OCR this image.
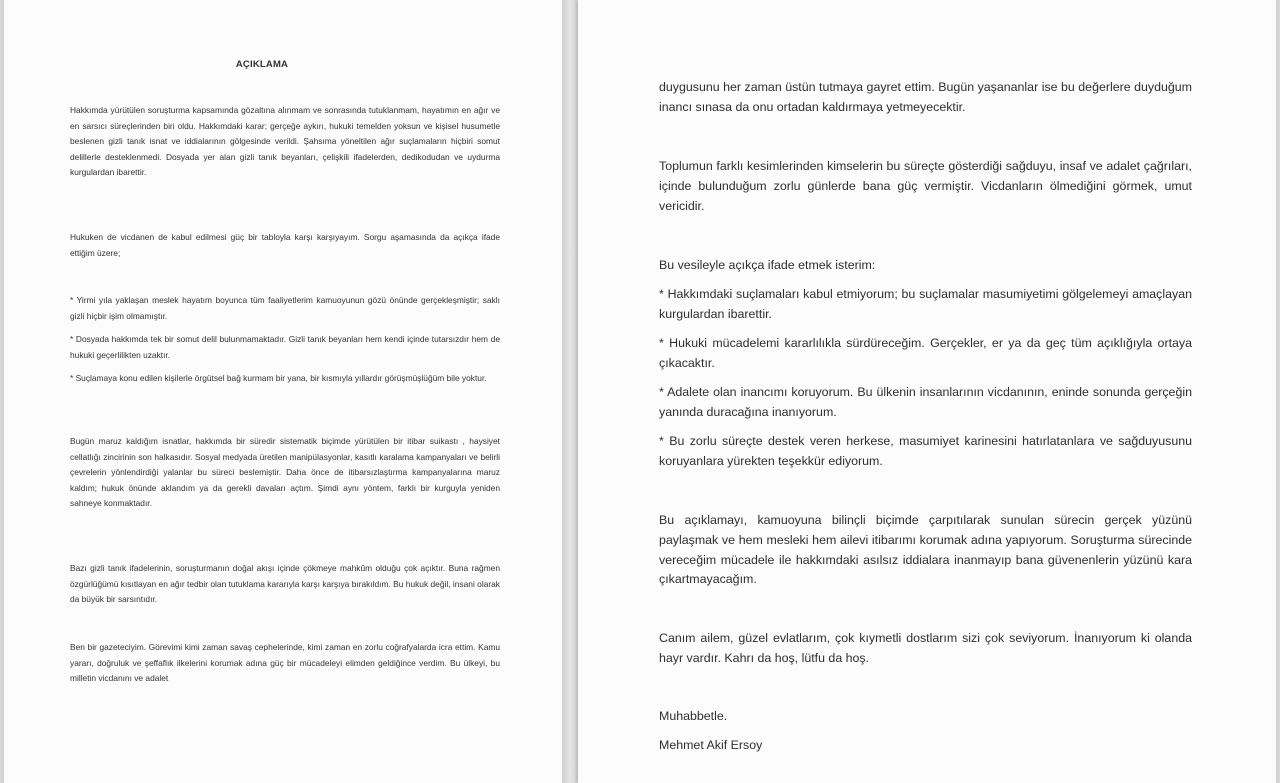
AÇIKLAMA

Hakkımda yürütülen soruşturma kapsamında gözaltına alınmam ve sonrasında tutuklanmam, hayatımın en ağır ve en sarsıcı süreçlerinden biri oldu. Hakkımdaki karar; gerçeğe aykırı, hukuki temelden yoksun ve kişisel husumetle beslenen gizli tanık isnat ve iddialarının gölgesinde verildi. Şahsıma yöneltilen ağır suçlamaların hiçbiri somut delillerle desteklenmedi. Dosyada yer alan gizli tanık beyanları, çelişkili ifadelerden, dedikodudan ve uydurma kurgulardan ibarettir.

Hukuken de vicdanen de kabul edilmesi güç bir tabloyla karşı karşıyayım. Sorgu aşamasında da açıkça ifade ettiğim üzere;

* Yirmi yıla yaklaşan meslek hayatım boyunca tüm faaliyetlerim kamuoyunun gözü önünde gerçekleşmiştir; saklı gizli hiçbir işim olmamıştır.

* Dosyada hakkımda tek bir somut delil bulunmamaktadır. Gizli tanık beyanları hem kendi içinde tutarsızdır hem de hukuki geçerlilikten uzaktır.

* Suçlamaya konu edilen kişilerle örgütsel bağ kurmam bir yana, bir kısmıyla yıllardır görüşmüşlüğüm bile yoktur.

Bugün maruz kaldığım isnatlar, hakkımda bir süredir sistematik biçimde yürütülen bir itibar suikastı , haysiyet cellatlığı zincirinin son halkasıdır. Sosyal medyada üretilen manipülasyonlar, kasıtlı karalama kampanyaları ve belirli çevrelerin yönlendirdiği yalanlar bu süreci beslemiştir. Daha önce de itibarsızlaştırma kampanyalarına maruz kaldım; hukuk önünde aklandım ya da gerekli davaları açtım. Şimdi aynı yöntem, farklı bir kurguyla yeniden sahneye konmaktadır.

Bazı gizli tanık ifadelerinin, soruşturmanın doğal akışı içinde çökmeye mahkûm olduğu çok açıktır. Buna rağmen özgürlüğümü kısıtlayan en ağır tedbir olan tutuklama kararıyla karşı karşıya bırakıldım. Bu hukuk değil, insani olarak da büyük bir sarsıntıdır.

Ben bir gazeteciyim. Görevimi kimi zaman savaş cephelerinde, kimi zaman en zorlu coğrafyalarda icra ettim. Kamu yararı, doğruluk ve şeffaflık ilkelerini korumak adına güç bir mücadeleyi elimden geldiğince verdim. Bu ülkeyi, bu milletin vicdanını ve adalet

duygusunu her zaman üstün tutmaya gayret ettim. Bugün yaşananlar ise bu değerlere duyduğum inancı sınasa da onu ortadan kaldırmaya yetmeyecektir.

Toplumun farklı kesimlerinden kimselerin bu süreçte gösterdiği sağduyu, insaf ve adalet çağrıları, içinde bulunduğum zorlu günlerde bana güç vermiştir. Vicdanların ölmediğini görmek, umut vericidir.

Bu vesileyle açıkça ifade etmek isterim:

* Hakkımdaki suçlamaları kabul etmiyorum; bu suçlamalar masumiyetimi gölgelemeyi amaçlayan kurgulardan ibarettir.

* Hukuki mücadelemi kararlılıkla sürdüreceğim. Gerçekler, er ya da geç tüm açıklığıyla ortaya çıkacaktır.

* Adalete olan inancımı koruyorum. Bu ülkenin insanlarının vicdanının, eninde sonunda gerçeğin yanında duracağına inanıyorum.

* Bu zorlu süreçte destek veren herkese, masumiyet karinesini hatırlatanlara ve sağduyusunu koruyanlara yürekten teşekkür ediyorum.

Bu açıklamayı, kamuoyuna bilinçli biçimde çarpıtılarak sunulan sürecin gerçek yüzünü paylaşmak ve hem mesleki hem ailevi itibarımı korumak adına yapıyorum. Soruşturma sürecinde vereceğim mücadele ile hakkımdaki asılsız iddialara inanmayıp bana güvenenlerin yüzünü kara çıkartmayacağım.

Canım ailem, güzel evlatlarım, çok kıymetli dostlarım sizi çok seviyorum. İnanıyorum ki olanda hayr vardır. Kahrı da hoş, lütfu da hoş.

Muhabbetle.

Mehmet Akif Ersoy
